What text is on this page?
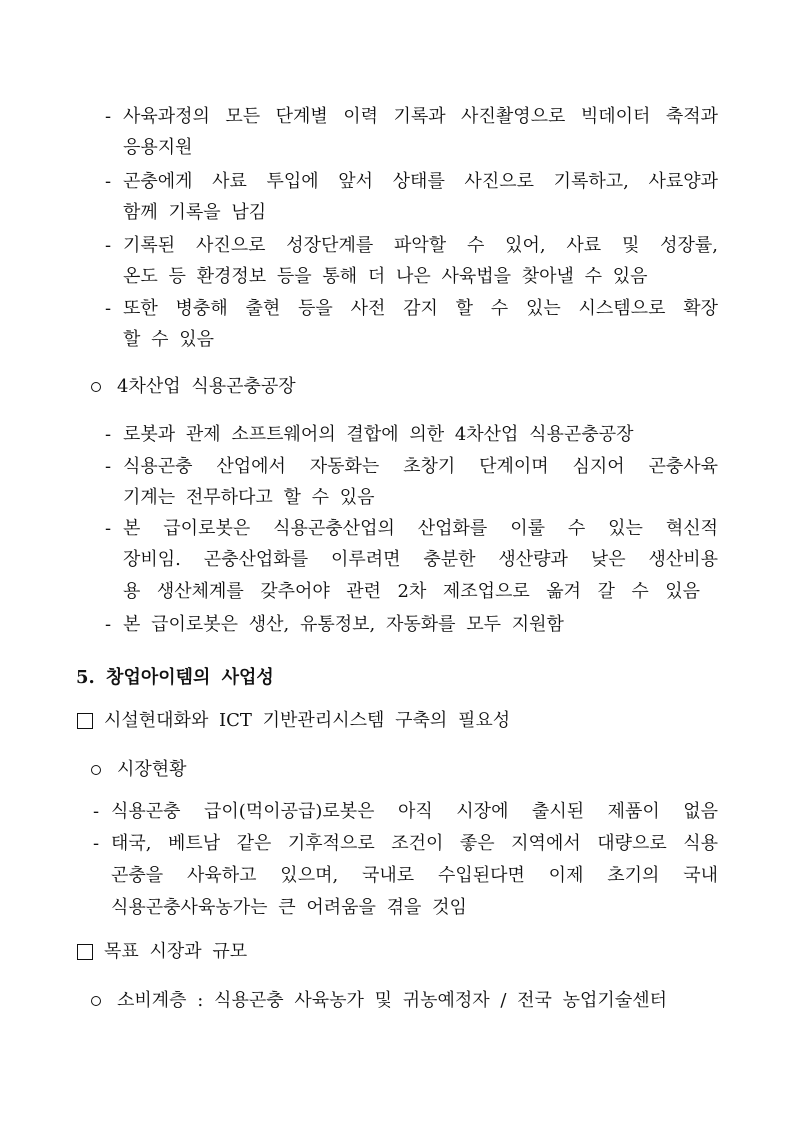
- 사육과정의 모든 단계별 이력 기록과 사진촬영으로 빅데이터 축적과
응용지원
- 곤충에게 사료 투입에 앞서 상태를 사진으로 기록하고, 사료양과
함께 기록을 남김
- 기록된 사진으로 성장단계를 파악할 수 있어, 사료 및 성장률,
온도 등 환경정보 등을 통해 더 나은 사육법을 찾아낼 수 있음
- 또한 병충해 출현 등을 사전 감지 할 수 있는 시스템으로 확장
할 수 있음
4차산업 식용곤충공장
- 로봇과 관제 소프트웨어의 결합에 의한 4차산업 식용곤충공장
- 식용곤충 산업에서 자동화는 초창기 단계이며 심지어 곤충사육
기계는 전무하다고 할 수 있음
- 본 급이로봇은 식용곤충산업의 산업화를 이룰 수 있는 혁신적
장비임. 곤충산업화를 이루려면 충분한 생산량과 낮은 생산비용
용 생산체계를 갖추어야 관련 2차 제조업으로 옮겨 갈 수 있음
- 본 급이로봇은 생산, 유통정보, 자동화를 모두 지원함
5. 창업아이템의 사업성
시설현대화와 ICT 기반관리시스템 구축의 필요성
시장현황
- 식용곤충 급이(먹이공급)로봇은 아직 시장에 출시된 제품이 없음
- 태국, 베트남 같은 기후적으로 조건이 좋은 지역에서 대량으로 식용
곤충을 사육하고 있으며, 국내로 수입된다면 이제 초기의 국내
식용곤충사육농가는 큰 어려움을 겪을 것임
목표 시장과 규모
소비계층 : 식용곤충 사육농가 및 귀농예정자 / 전국 농업기술센터
